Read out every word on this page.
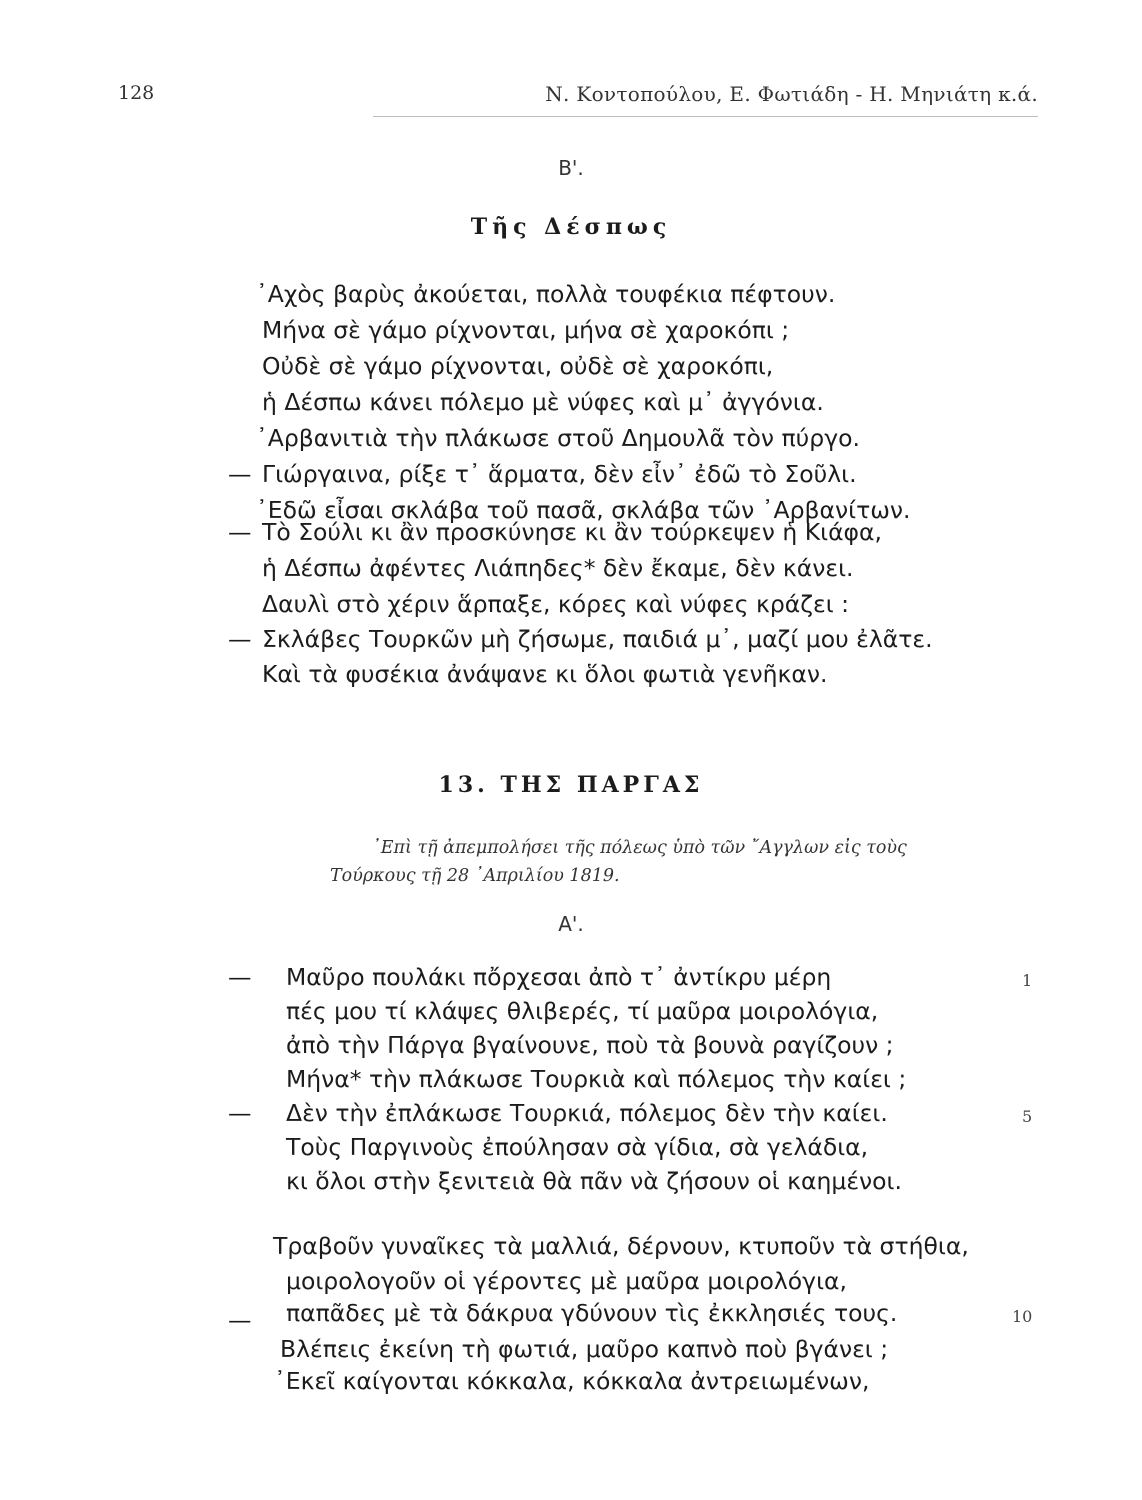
128	Ν. Κοντοπούλου, Ε. Φωτιάδη - Η. Μηνιάτη κ.ά.
Β'.
Τῆς Δέσπως
—
—
—
᾿Αχὸς βαρὺς ἀκούεται, πολλὰ τουφέκια πέφτουν.
Μήνα σὲ γάμο ρίχνονται, μήνα σὲ χαροκόπι ;
Οὐδὲ σὲ γάμο ρίχνονται, οὐδὲ σὲ χαροκόπι,
ἡ Δέσπω κάνει πόλεμο μὲ νύφες καὶ μ᾿ ἀγγόνια.
᾿Αρβανιτιὰ τὴν πλάκωσε στοῦ Δημουλᾶ τὸν πύργο.
Γιώργαινα, ρίξε τ᾿ ἅρματα, δὲν εἶν᾿ ἐδῶ τὸ Σοῦλι.
᾿Εδῶ εἶσαι σκλάβα τοῦ πασᾶ, σκλάβα τῶν ᾿Αρβανίτων.
Τὸ Σούλι κι ἂν προσκύνησε κι ἂν τούρκεψεν ἡ Κιάφα,
ἡ Δέσπω ἀφέντες Λιάπηδες* δὲν ἔκαμε, δὲν κάνει.
Δαυλὶ στὸ χέριν ἅρπαξε, κόρες καὶ νύφες κράζει :
Σκλάβες Τουρκῶν μὴ ζήσωμε, παιδιά μ᾿, μαζί μου ἐλᾶτε.
Καὶ τὰ φυσέκια ἀνάψανε κι ὅλοι φωτιὰ γενῆκαν.
13. ΤΗΣ ΠΑΡΓΑΣ
᾿Επὶ τῇ ἀπεμπολήσει τῆς πόλεως ὑπὸ τῶν ῎Αγγλων εἰς τοὺς
Τούρκους τῇ 28 ᾿Απριλίου 1819.
Α'.
—
—
—
Μαῦρο πουλάκι πὄρχεσαι ἀπὸ τ᾿ ἀντίκρυ μέρη
πές μου τί κλάψες θλιβερές, τί μαῦρα μοιρολόγια,
ἀπὸ τὴν Πάργα βγαίνουνε, ποὺ τὰ βουνὰ ραγίζουν ;
Μήνα* τὴν πλάκωσε Τουρκιὰ καὶ πόλεμος τὴν καίει ;
Δὲν τὴν ἐπλάκωσε Τουρκιά, πόλεμος δὲν τὴν καίει.
Τοὺς Παργινοὺς ἐπούλησαν σὰ γίδια, σὰ γελάδια,
κι ὅλοι στὴν ξενιτειὰ θὰ πᾶν νὰ ζήσουν οἱ καημένοι.
Τραβοῦν γυναῖκες τὰ μαλλιά, δέρνουν, κτυποῦν τὰ στήθια,
μοιρολογοῦν οἱ γέροντες μὲ μαῦρα μοιρολόγια,
παπᾶδες μὲ τὰ δάκρυα γδύνουν τὶς ἐκκλησιές τους.
Βλέπεις ἐκείνη τὴ φωτιά, μαῦρο καπνὸ ποὺ βγάνει ;
᾿Εκεῖ καίγονται κόκκαλα, κόκκαλα ἀντρειωμένων,
1
5
10
